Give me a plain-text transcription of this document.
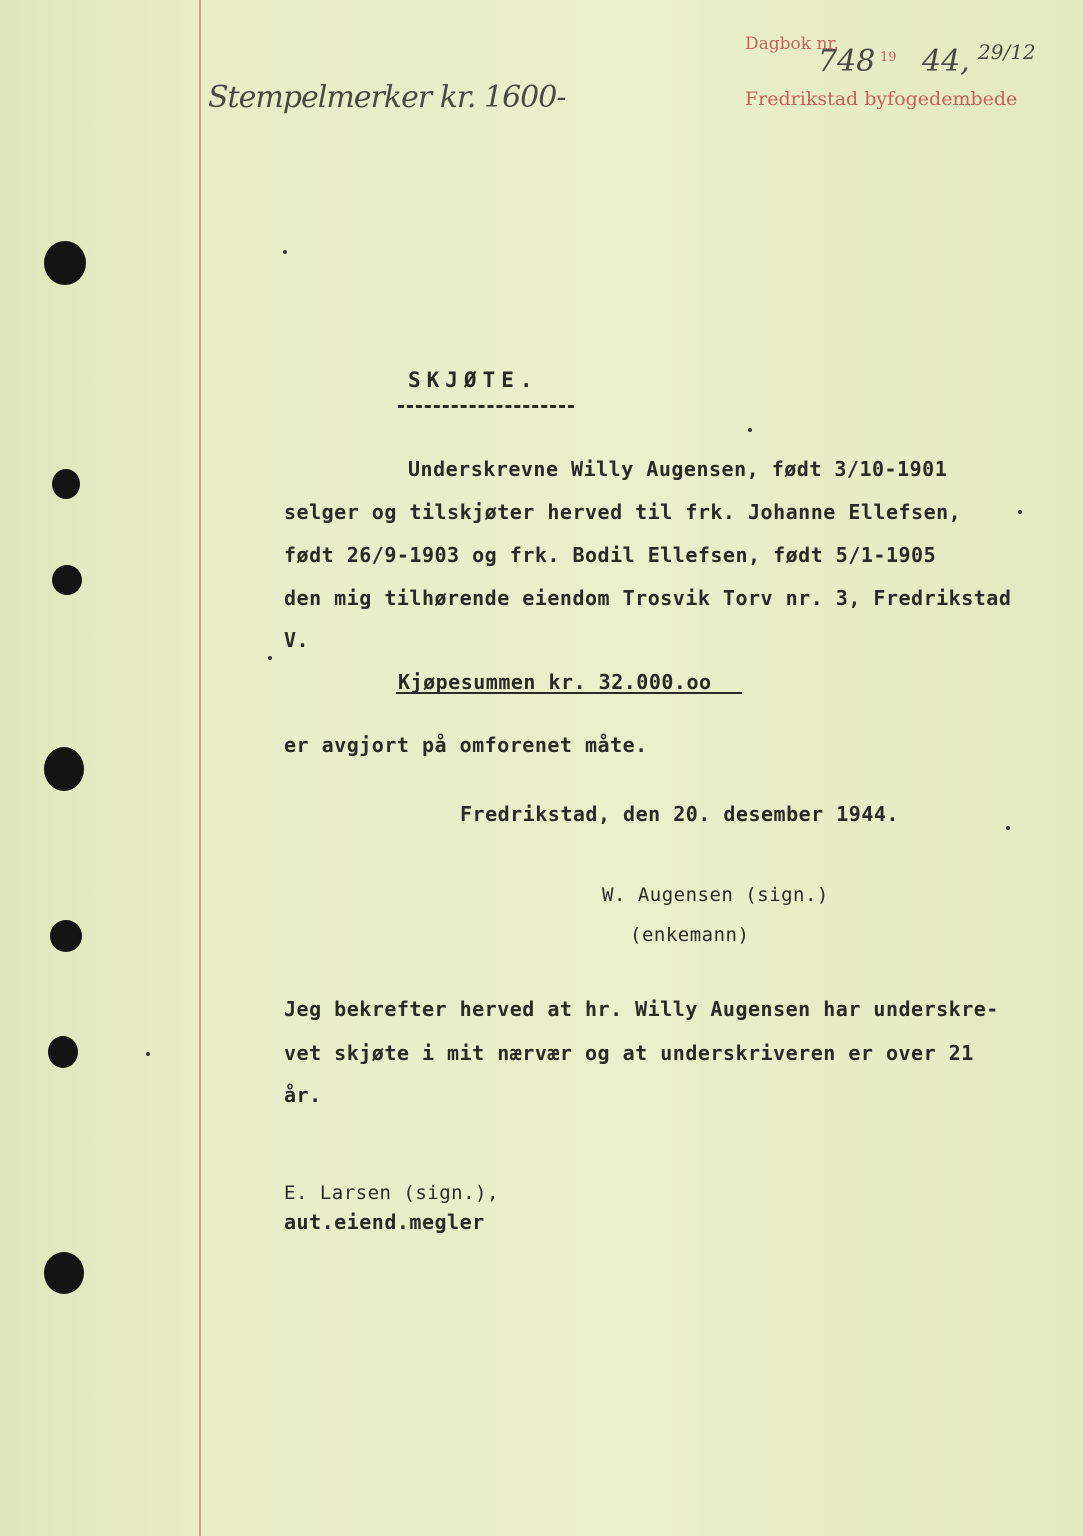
Dagbok nr.
19
Fredrikstad byfogedembede
748 44, 29/12
Stempelmerker kr. 1600-
SKJØTE.
Underskrevne Willy Augensen, født 3/10-1901
selger og tilskjøter herved til frk. Johanne Ellefsen,
født 26/9-1903 og frk. Bodil Ellefsen, født 5/1-1905
den mig tilhørende eiendom Trosvik Torv nr. 3, Fredrikstad
V.
Kjøpesummen kr. 32.000.oo
er avgjort på omforenet måte.
Fredrikstad, den 20. desember 1944.
W. Augensen (sign.)
(enkemann)
Jeg bekrefter herved at hr. Willy Augensen har underskre-
vet skjøte i mit nærvær og at underskriveren er over 21
år.
E. Larsen (sign.),
aut.eiend.megler
